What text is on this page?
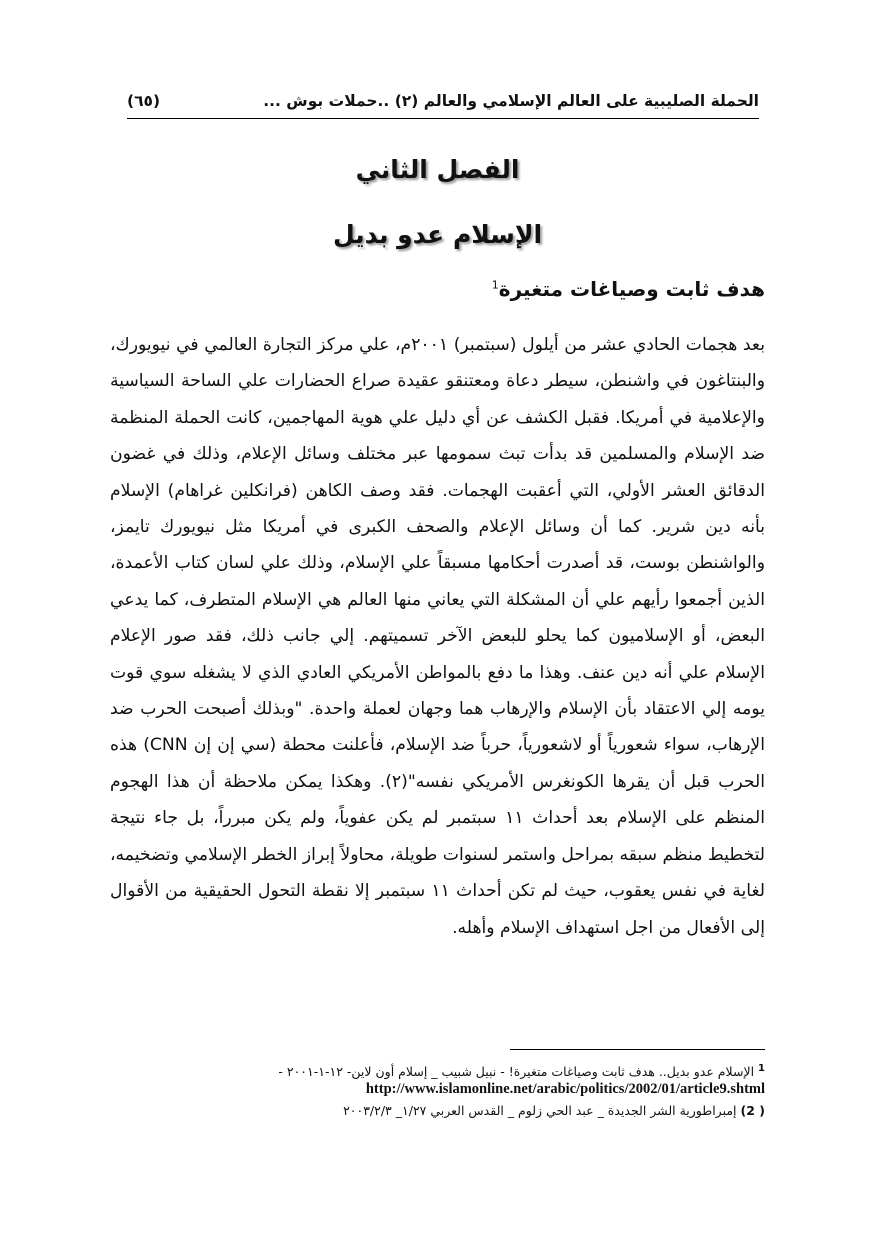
الحملة الصليبية على العالم الإسلامي والعالم (٢) ..حملات بوش ...
(٦٥)
الفصل الثاني
الإسلام عدو بديل
هدف ثابت وصياغات متغيرة$^1$
بعد هجمات الحادي عشر من أيلول (سبتمبر) ٢٠٠١م، علي مركز التجارة العالمي في نيويورك، والبنتاغون في واشنطن، سيطر دعاة ومعتنقو عقيدة صراع الحضارات علي الساحة السياسية والإعلامية في أمريكا. فقبل الكشف عن أي دليل علي هوية المهاجمين، كانت الحملة المنظمة ضد الإسلام والمسلمين قد بدأت تبث سمومها عبر مختلف وسائل الإعلام، وذلك في غضون الدقائق العشر الأولي، التي أعقبت الهجمات. فقد وصف الكاهن (فرانكلين غراهام) الإسلام بأنه دين شرير. كما أن وسائل الإعلام والصحف الكبرى في أمريكا مثل نيويورك تايمز، والواشنطن بوست، قد أصدرت أحكامها مسبقاً علي الإسلام، وذلك علي لسان كتاب الأعمدة، الذين أجمعوا رأيهم علي أن المشكلة التي يعاني منها العالم هي الإسلام المتطرف، كما يدعي البعض، أو الإسلاميون كما يحلو للبعض الآخر تسميتهم. إلي جانب ذلك، فقد صور الإعلام الإسلام علي أنه دين عنف. وهذا ما دفع بالمواطن الأمريكي العادي الذي لا يشغله سوي قوت يومه إلي الاعتقاد بأن الإسلام والإرهاب هما وجهان لعملة واحدة. "وبذلك أصبحت الحرب ضد الإرهاب، سواء شعورياً أو لاشعورياً، حرباً ضد الإسلام، فأعلنت محطة (سي إن إن CNN) هذه الحرب قبل أن يقرها الكونغرس الأمريكي نفسه"(٢). وهكذا يمكن ملاحظة أن هذا الهجوم المنظم على الإسلام بعد أحداث ١١ سبتمبر لم يكن عفوياً، ولم يكن مبرراً، بل جاء نتيجة لتخطيط منظم سبقه بمراحل واستمر لسنوات طويلة، محاولاً إبراز الخطر الإسلامي وتضخيمه، لغاية في نفس يعقوب، حيث لم تكن أحداث ١١ سبتمبر إلا نقطة التحول الحقيقية من الأقوال إلى الأفعال من اجل استهداف الإسلام وأهله.
$^1$ الإسلام عدو بديل.. هدف ثابت وصياغات متغيرة! - نبيل شبيب _ إسلام أون لاين- ١٢-١-٢٠٠١ -
http://www.islamonline.net/arabic/politics/2002/01/article9.shtml
( 2) إمبراطورية الشر الجديدة _ عبد الحي زلوم _ القدس العربي ١/٢٧_ ٢٠٠٣/٢/٣
